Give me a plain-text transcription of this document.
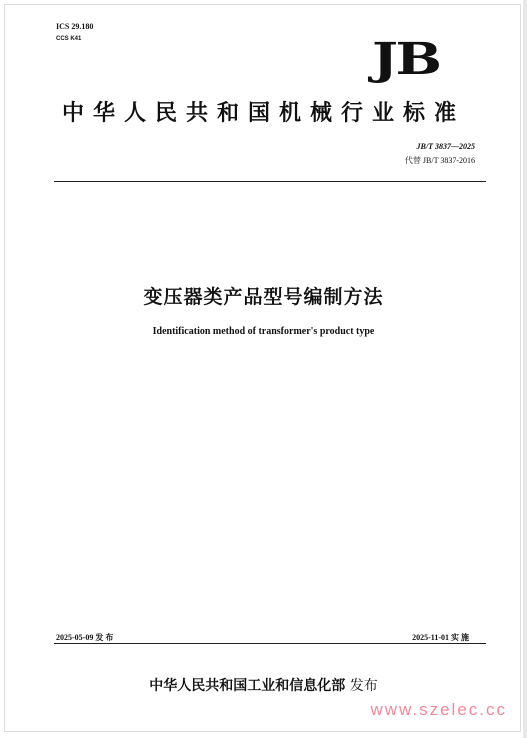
ICS 29.180
CCS K41	JB
中华人民共和国机械行业标准
JB/T 3837—2025
代替 JB/T 3837-2016
变压器类产品型号编制方法
Identification method of transformer's product type
2025-05-09 发 布	2025-11-01 实 施
中华人民共和国工业和信息化部 发布
www.szelec.cc
